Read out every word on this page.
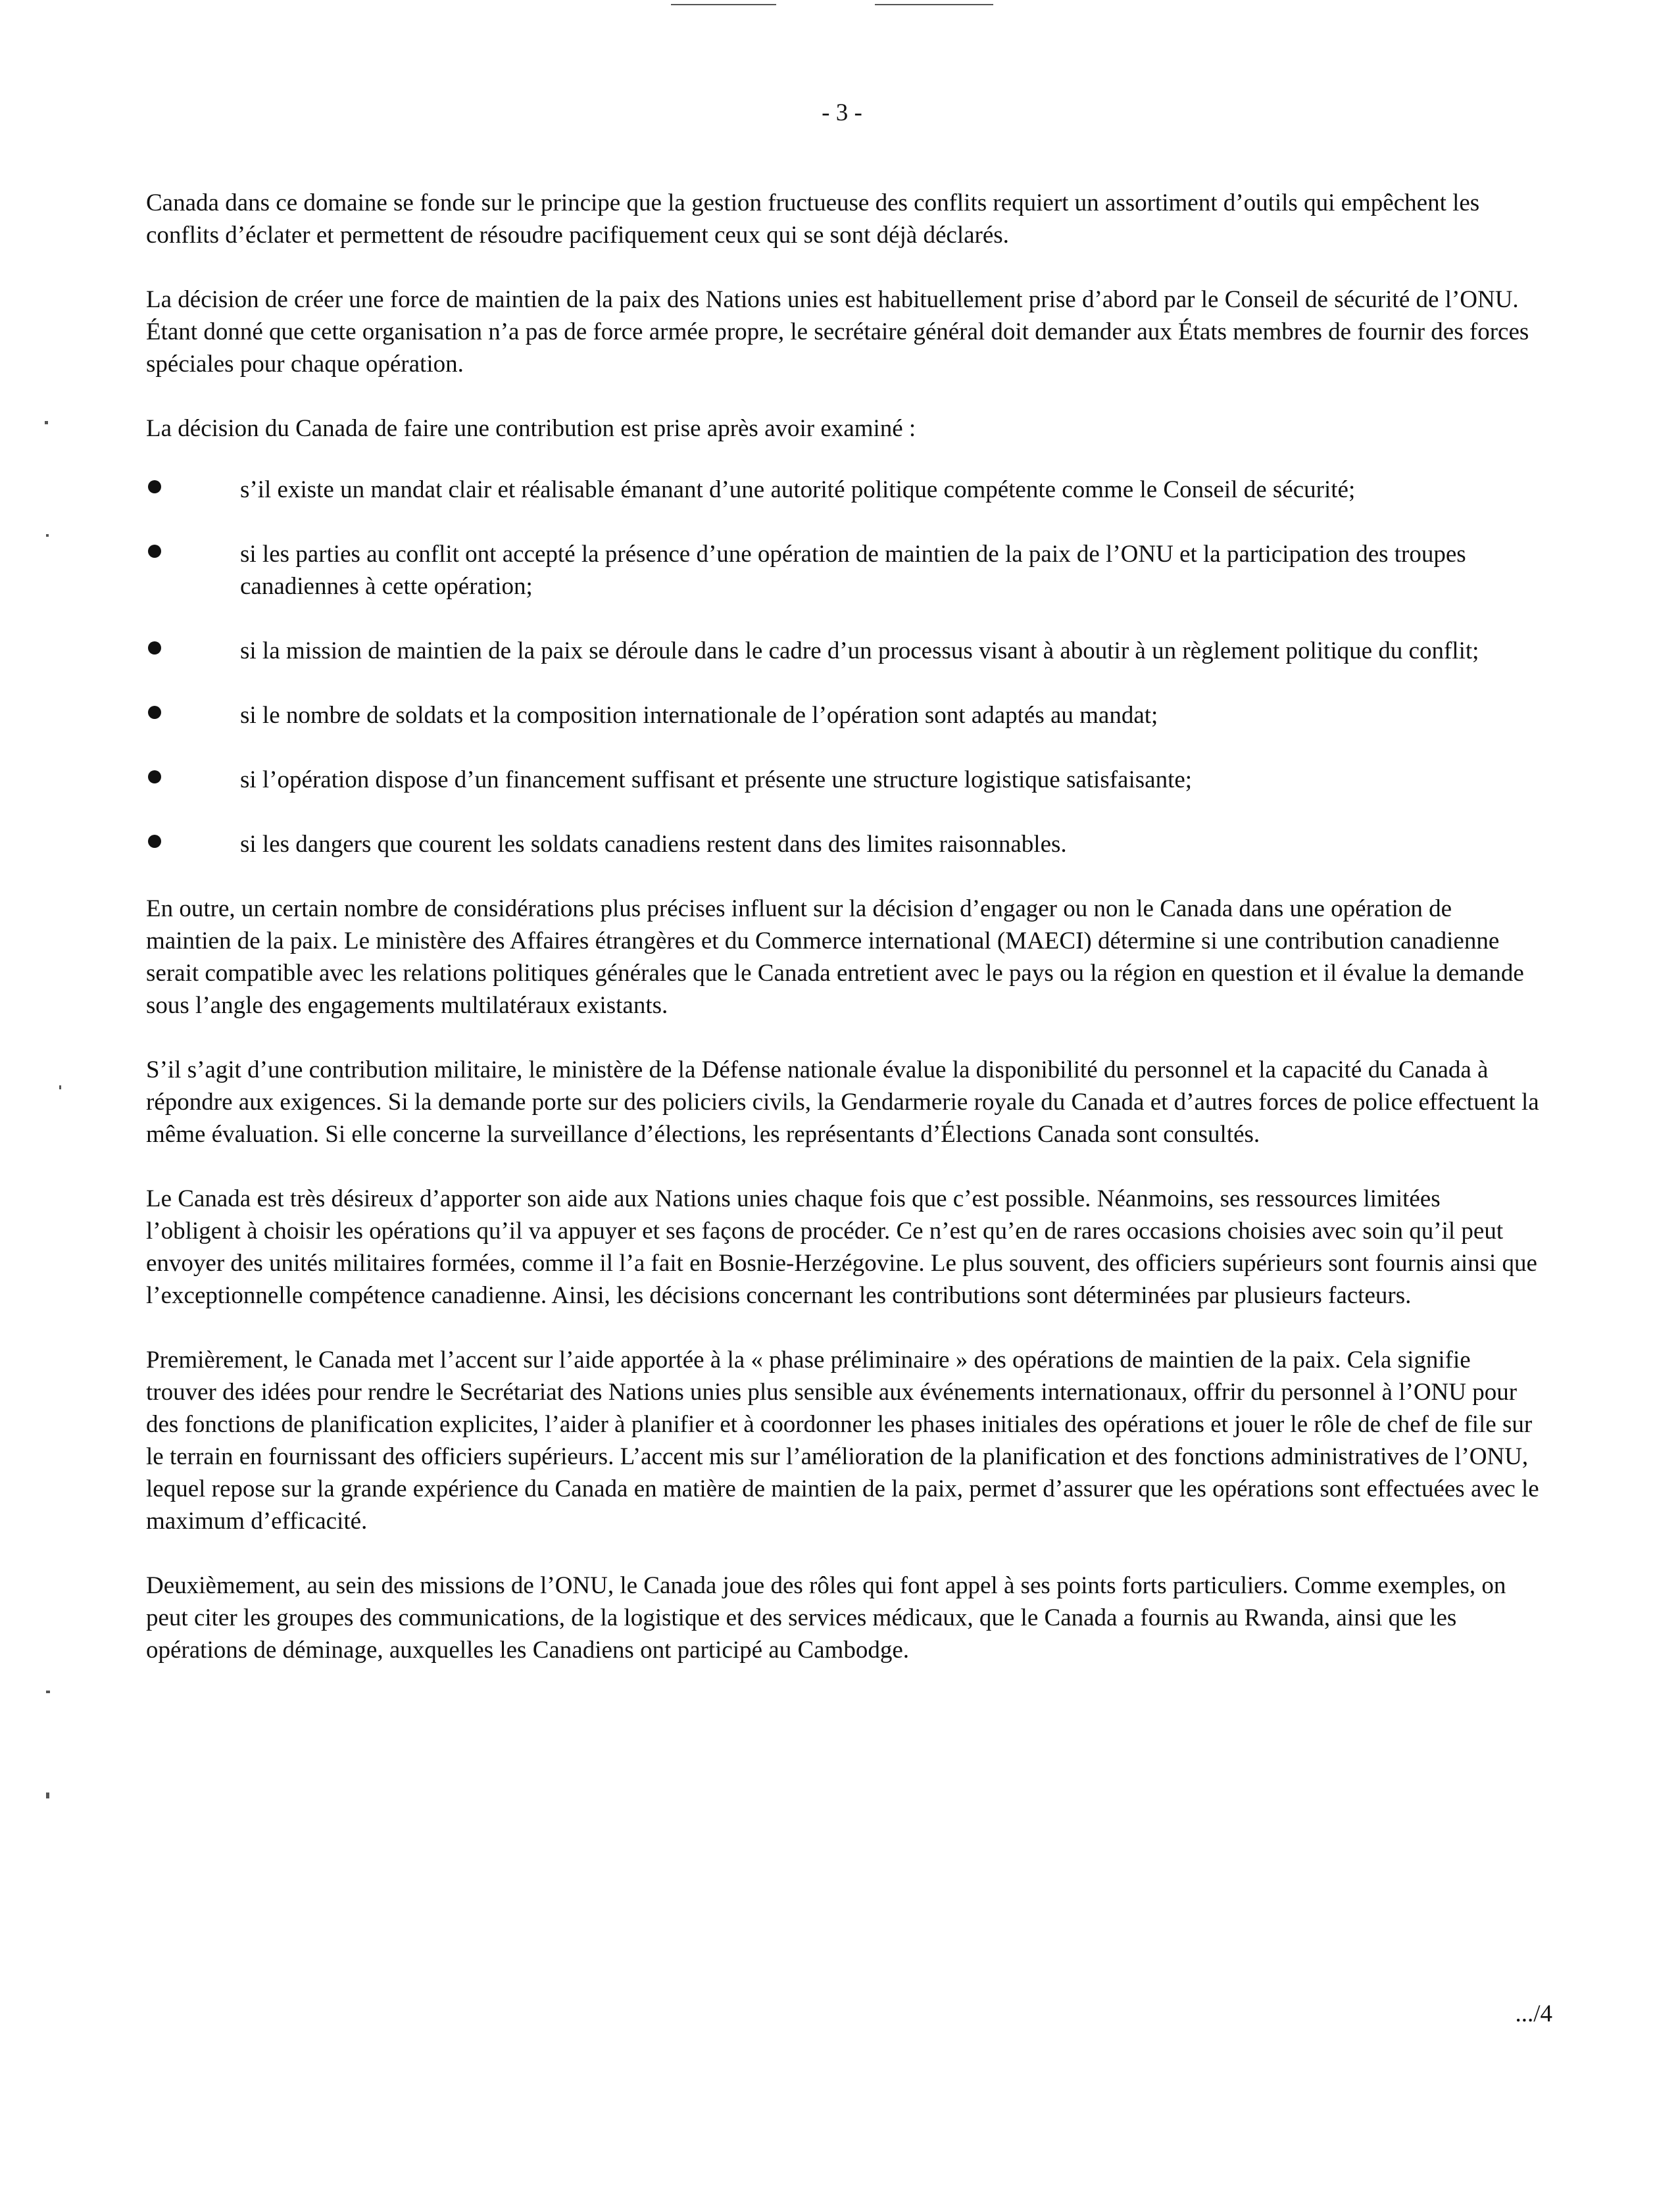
- 3 -

Canada dans ce domaine se fonde sur le principe que la gestion fructueuse des conflits requiert un assortiment d’outils qui empêchent les conflits d’éclater et permettent de résoudre pacifiquement ceux qui se sont déjà déclarés.

La décision de créer une force de maintien de la paix des Nations unies est habituellement prise d’abord par le Conseil de sécurité de l’ONU. Étant donné que cette organisation n’a pas de force armée propre, le secrétaire général doit demander aux États membres de fournir des forces spéciales pour chaque opération.

La décision du Canada de faire une contribution est prise après avoir examiné :

s’il existe un mandat clair et réalisable émanant d’une autorité politique compétente comme le Conseil de sécurité;
si les parties au conflit ont accepté la présence d’une opération de maintien de la paix de l’ONU et la participation des troupes canadiennes à cette opération;
si la mission de maintien de la paix se déroule dans le cadre d’un processus visant à aboutir à un règlement politique du conflit;
si le nombre de soldats et la composition internationale de l’opération sont adaptés au mandat;
si l’opération dispose d’un financement suffisant et présente une structure logistique satisfaisante;
si les dangers que courent les soldats canadiens restent dans des limites raisonnables.

En outre, un certain nombre de considérations plus précises influent sur la décision d’engager ou non le Canada dans une opération de maintien de la paix. Le ministère des Affaires étrangères et du Commerce international (MAECI) détermine si une contribution canadienne serait compatible avec les relations politiques générales que le Canada entretient avec le pays ou la région en question et il évalue la demande sous l’angle des engagements multilatéraux existants.

S’il s’agit d’une contribution militaire, le ministère de la Défense nationale évalue la disponibilité du personnel et la capacité du Canada à répondre aux exigences. Si la demande porte sur des policiers civils, la Gendarmerie royale du Canada et d’autres forces de police effectuent la même évaluation. Si elle concerne la surveillance d’élections, les représentants d’Élections Canada sont consultés.

Le Canada est très désireux d’apporter son aide aux Nations unies chaque fois que c’est possible. Néanmoins, ses ressources limitées l’obligent à choisir les opérations qu’il va appuyer et ses façons de procéder. Ce n’est qu’en de rares occasions choisies avec soin qu’il peut envoyer des unités militaires formées, comme il l’a fait en Bosnie-Herzégovine. Le plus souvent, des officiers supérieurs sont fournis ainsi que l’exceptionnelle compétence canadienne. Ainsi, les décisions concernant les contributions sont déterminées par plusieurs facteurs.

Premièrement, le Canada met l’accent sur l’aide apportée à la « phase préliminaire » des opérations de maintien de la paix. Cela signifie trouver des idées pour rendre le Secrétariat des Nations unies plus sensible aux événements internationaux, offrir du personnel à l’ONU pour des fonctions de planification explicites, l’aider à planifier et à coordonner les phases initiales des opérations et jouer le rôle de chef de file sur le terrain en fournissant des officiers supérieurs. L’accent mis sur l’amélioration de la planification et des fonctions administratives de l’ONU, lequel repose sur la grande expérience du Canada en matière de maintien de la paix, permet d’assurer que les opérations sont effectuées avec le maximum d’efficacité.

Deuxièmement, au sein des missions de l’ONU, le Canada joue des rôles qui font appel à ses points forts particuliers. Comme exemples, on peut citer les groupes des communications, de la logistique et des services médicaux, que le Canada a fournis au Rwanda, ainsi que les opérations de déminage, auxquelles les Canadiens ont participé au Cambodge.

.../4
